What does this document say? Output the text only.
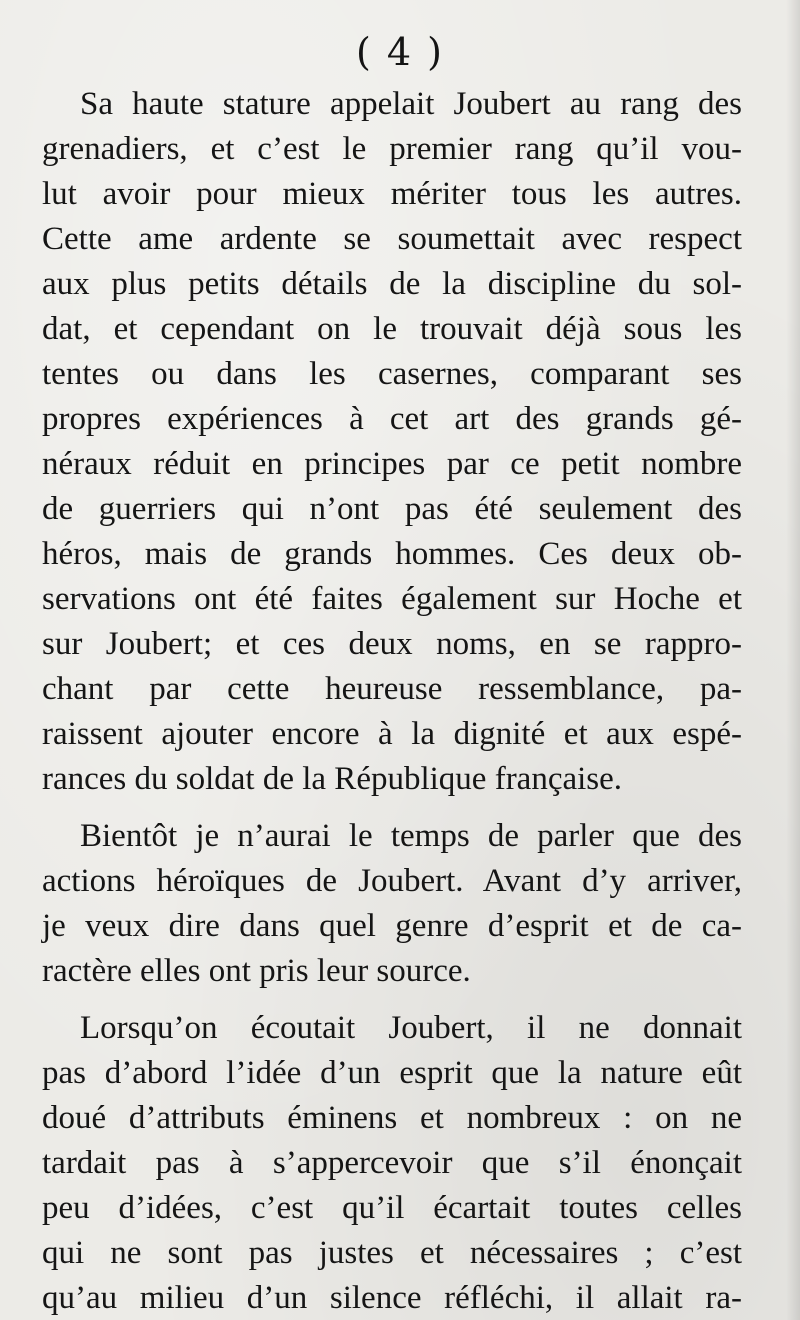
( 4 )
Sa haute stature appelait Joubert au rang des
grenadiers, et c’est le premier rang qu’il vou-
lut avoir pour mieux mériter tous les autres.
Cette ame ardente se soumettait avec respect
aux plus petits détails de la discipline du sol-
dat, et cependant on le trouvait déjà sous les
tentes ou dans les casernes, comparant ses
propres expériences à cet art des grands gé-
néraux réduit en principes par ce petit nombre
de guerriers qui n’ont pas été seulement des
héros, mais de grands hommes. Ces deux ob-
servations ont été faites également sur Hoche et
sur Joubert; et ces deux noms, en se rappro-
chant par cette heureuse ressemblance, pa-
raissent ajouter encore à la dignité et aux espé-
rances du soldat de la République française.
Bientôt je n’aurai le temps de parler que des
actions héroïques de Joubert. Avant d’y arriver,
je veux dire dans quel genre d’esprit et de ca-
ractère elles ont pris leur source.
Lorsqu’on écoutait Joubert, il ne donnait
pas d’abord l’idée d’un esprit que la nature eût
doué d’attributs éminens et nombreux : on ne
tardait pas à s’appercevoir que s’il énonçait
peu d’idées, c’est qu’il écartait toutes celles
qui ne sont pas justes et nécessaires ; c’est
qu’au milieu d’un silence réfléchi, il allait ra-
